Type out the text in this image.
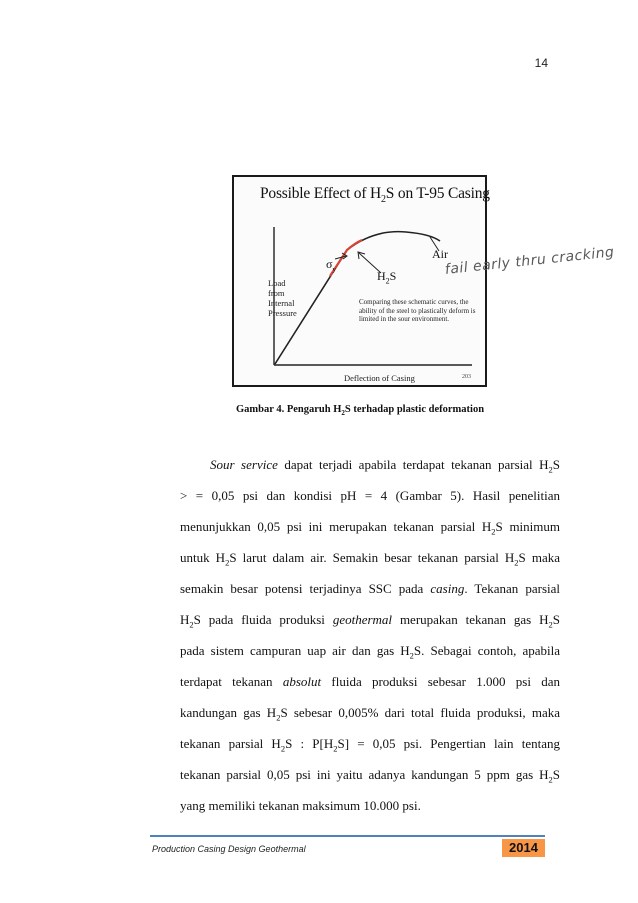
14
Possible Effect of $H_2S$ on T-95 Casing
Load
from
Internal
Pressure
Deflection of Casing	203
$\sigma_y$	$H_2S$
Air
Comparing these schematic curves, the ability of the steel to plastically deform is limited in the sour environment.
fail early thru cracking
Gambar 4. Pengaruh $H_2S$ terhadap plastic deformation
Sour service dapat terjadi apabila terdapat tekanan parsial $H_2S$
> = 0,05 psi dan kondisi pH = 4 (Gambar 5). Hasil penelitian
menunjukkan 0,05 psi ini merupakan tekanan parsial $H_2S$ minimum
untuk $H_2S$ larut dalam air. Semakin besar tekanan parsial $H_2S$ maka
semakin besar potensi terjadinya SSC pada casing. Tekanan parsial
$H_2S$ pada fluida produksi geothermal merupakan tekanan gas $H_2S$
pada sistem campuran uap air dan gas $H_2S$. Sebagai contoh, apabila
terdapat tekanan absolut fluida produksi sebesar 1.000 psi dan
kandungan gas $H_2S$ sebesar 0,005% dari total fluida produksi, maka
tekanan parsial $H_2S$ : $P[H_2S] = 0,05$ psi. Pengertian lain tentang
tekanan parsial 0,05 psi ini yaitu adanya kandungan 5 ppm gas $H_2S$
yang memiliki tekanan maksimum 10.000 psi.
Production Casing Design Geothermal	2014
